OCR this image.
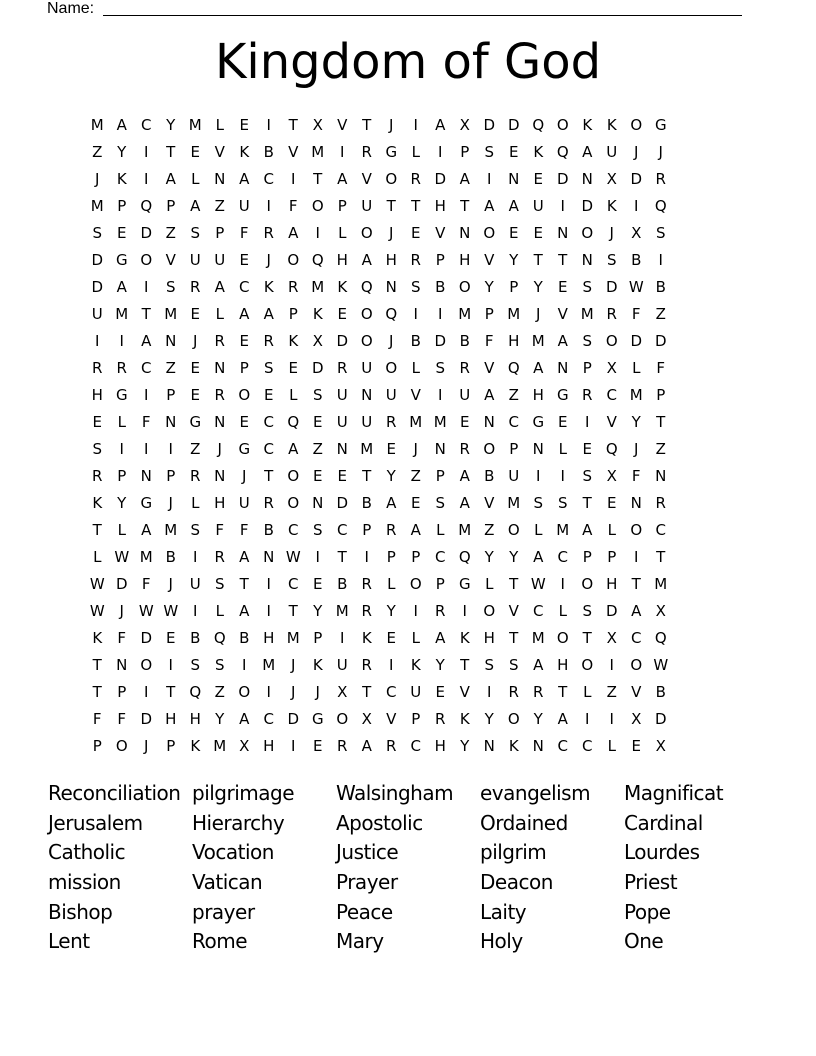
Name:
Kingdom of God
M A C Y M L	E	I	T X V T	J	I	A X D D Q O K K O G
Z Y	I	T	E V K B V M	I	R G L	I	P	S E K Q A U	J	J
J	K	I	A	L N A C	I	T A V O R D A	I	N E D N X D R
M P Q P A Z U	I	F O P U T	T H T A A U	I	D K	I	Q
S E D Z S	P	F R A	I	L O	J	E V N O E	E N O	J	X S
D G O V U U E	J	O Q H A H R P H V Y	T	T N S B	I
D A	I	S R A C K R M K Q N S B O Y	P	Y	E	S D W B
U M T M E	L	A A P	K E O Q	I	I	M P M	J	V M R F	Z
I	I	A N	J	R E R K X D O	J	B D B	F H M A S O D D
R R C Z E N P	S E D R U O L	S R V Q A N P X	L	F
H G	I	P	E R O E	L	S U N U V	I	U A Z H G R C M P
E	L	F N G N E C Q E U U R M M E N C G E	I	V Y	T
S	I	I	I	Z	J	G C A Z N M E	J	N R O P N L	E Q	J	Z
R P N P R N	J	T O E	E	T	Y Z P A B U	I	I	S X	F N
K Y G	J	L H U R O N D B A E	S A V M S S	T	E N R
T	L	A M S	F	F	B C S C P R A	L M Z O L M A	L O C
L W M B	I	R A N W I	T	I	P	P C Q Y	Y A C P	P	I	T
W D F	J	U S	T	I	C E B R	L O P G L	T W I	O H T M
W J W W I	L	A	I	T	Y M R Y	I	R	I	O V C	L	S D A X
K	F D E B Q B H M P	I	K E	L	A K H T M O T X C Q
T N O	I	S S	I	M	J	K U R	I	K Y	T	S S A H O	I	O W
T	P	I	T Q Z O	I	J	J	X T C U E V	I	R R T	L	Z V B
F	F D H H Y A C D G O X V P R K Y O Y A	I	I	X D
P O	J	P	K M X H	I	E R A R C H Y N K N C C	L	E X
Reconciliation pilgrimage	Walsingham	evangelism	Magnificat
Jerusalem	Hierarchy	Apostolic	Ordained	Cardinal
Catholic	Vocation	Justice	pilgrim	Lourdes
mission	Vatican	Prayer	Deacon	Priest
Bishop	prayer	Peace	Laity	Pope
Lent	Rome	Mary	Holy	One
